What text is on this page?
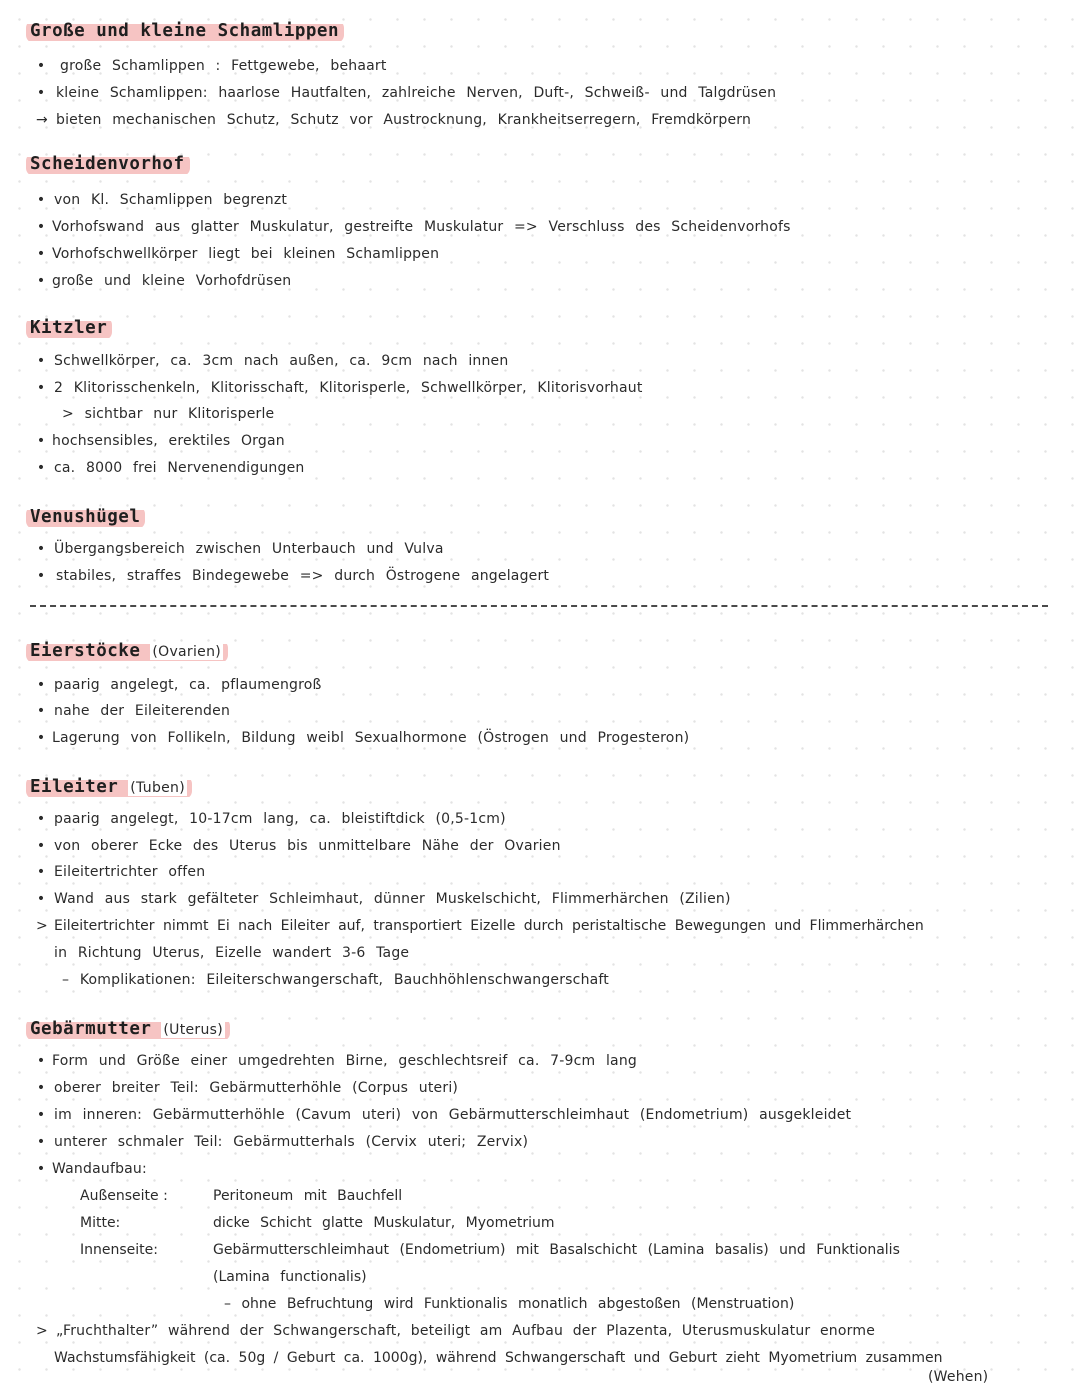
Große und kleine Schamlippen
• große Schamlippen : Fettgewebe, behaart
• kleine Schamlippen: haarlose Hautfalten, zahlreiche Nerven, Duft-, Schweiß- und Talgdrüsen
→ bieten mechanischen Schutz, Schutz vor Austrocknung, Krankheitserregern, Fremdkörpern
Scheidenvorhof
• von Kl. Schamlippen begrenzt
• Vorhofswand aus glatter Muskulatur, gestreifte Muskulatur => Verschluss des Scheidenvorhofs
• Vorhofschwellkörper liegt bei kleinen Schamlippen
• große und kleine Vorhofdrüsen
Kitzler
• Schwellkörper, ca. 3cm nach außen, ca. 9cm nach innen
• 2 Klitorisschenkeln, Klitorisschaft, Klitorisperle, Schwellkörper, Klitorisvorhaut
> sichtbar nur Klitorisperle
• hochsensibles, erektiles Organ
• ca. 8000 frei Nervenendigungen
Venushügel
• Übergangsbereich zwischen Unterbauch und Vulva
• stabiles, straffes Bindegewebe => durch Östrogene angelagert
Eierstöcke (Ovarien)
• paarig angelegt, ca. pflaumengroß
• nahe der Eileiterenden
• Lagerung von Follikeln, Bildung weibl Sexualhormone (Östrogen und Progesteron)
Eileiter (Tuben)
• paarig angelegt, 10-17cm lang, ca. bleistiftdick (0,5-1cm)
• von oberer Ecke des Uterus bis unmittelbare Nähe der Ovarien
• Eileitertrichter offen
• Wand aus stark gefälteter Schleimhaut, dünner Muskelschicht, Flimmerhärchen (Zilien)
> Eileitertrichter nimmt Ei nach Eileiter auf, transportiert Eizelle durch peristaltische Bewegungen und Flimmerhärchen
in Richtung Uterus, Eizelle wandert 3-6 Tage
– Komplikationen: Eileiterschwangerschaft, Bauchhöhlenschwangerschaft
Gebärmutter (Uterus)
• Form und Größe einer umgedrehten Birne, geschlechtsreif ca. 7-9cm lang
• oberer breiter Teil: Gebärmutterhöhle (Corpus uteri)
• im inneren: Gebärmutterhöhle (Cavum uteri) von Gebärmutterschleimhaut (Endometrium) ausgekleidet
• unterer schmaler Teil: Gebärmutterhals (Cervix uteri; Zervix)
• Wandaufbau:
Außenseite :	Peritoneum mit Bauchfell
Mitte:	dicke Schicht glatte Muskulatur, Myometrium
Innenseite:	Gebärmutterschleimhaut (Endometrium) mit Basalschicht (Lamina basalis) und Funktionalis
(Lamina functionalis)
– ohne Befruchtung wird Funktionalis monatlich abgestoßen (Menstruation)
> „Fruchthalter” während der Schwangerschaft, beteiligt am Aufbau der Plazenta, Uterusmuskulatur enorme
Wachstumsfähigkeit (ca. 50g / Geburt ca. 1000g), während Schwangerschaft und Geburt zieht Myometrium zusammen
(Wehen)
